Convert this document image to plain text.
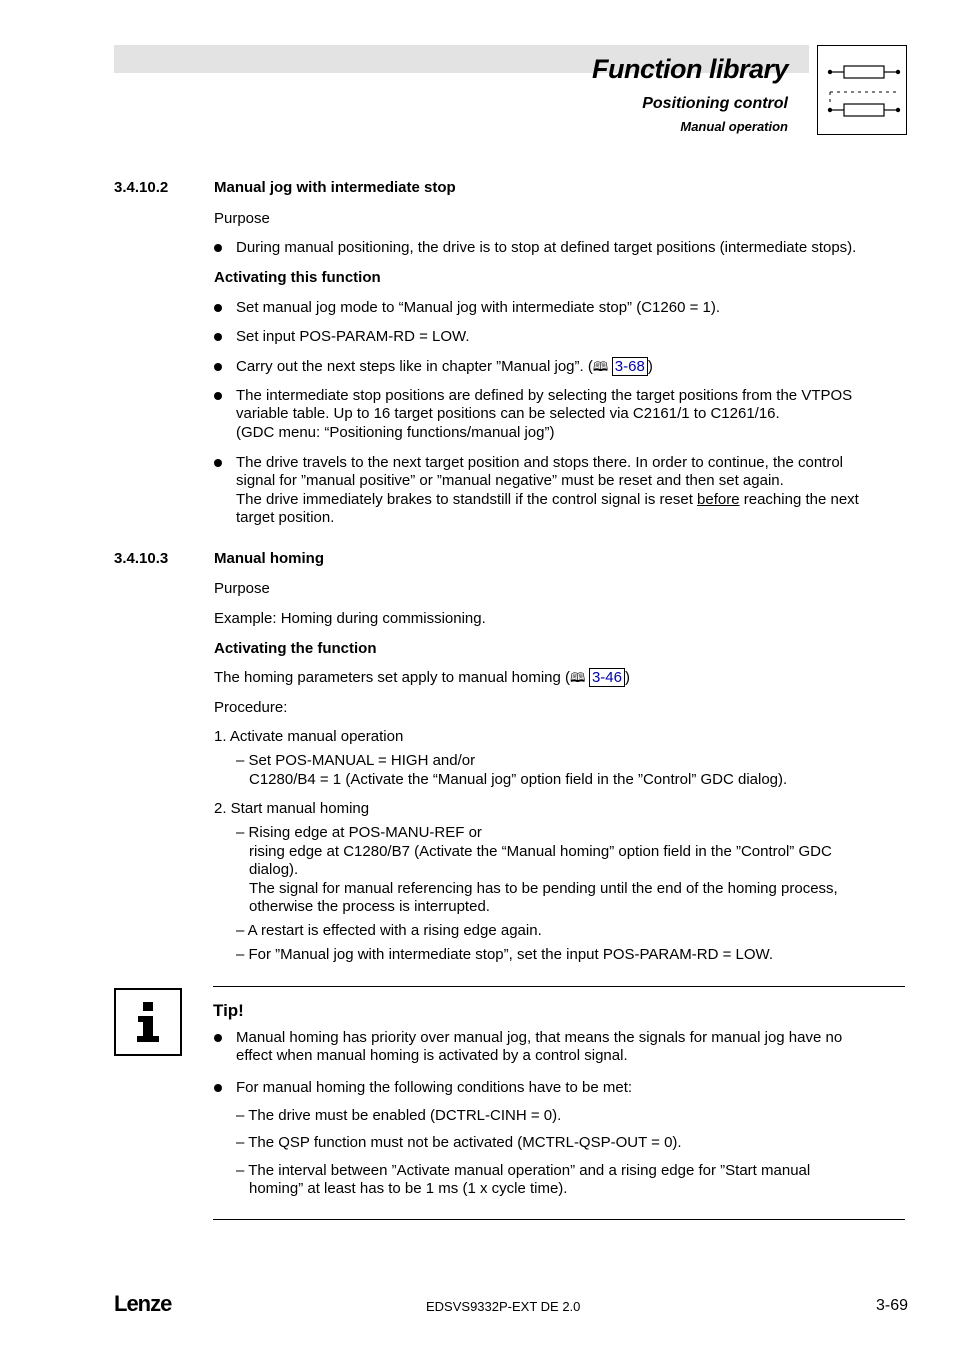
Function library
Positioning control
Manual operation
3.4.10.2	Manual jog with intermediate stop
Purpose
During manual positioning, the drive is to stop at defined target positions (intermediate stops).
Activating this function
Set manual jog mode to “Manual jog with intermediate stop” (C1260 = 1).
Set input POS-PARAM-RD = LOW.
Carry out the next steps like in chapter ”Manual jog”. (🕮 3-68 )
The intermediate stop positions are defined by selecting the target positions from the VTPOS
variable table. Up to 16 target positions can be selected via C2161/1 to C1261/16.
(GDC menu: “Positioning functions/manual jog”)
The drive travels to the next target position and stops there. In order to continue, the control
signal for ”manual positive” or ”manual negative” must be reset and then set again.
The drive immediately brakes to standstill if the control signal is reset before reaching the next
target position.
3.4.10.3	Manual homing
Purpose
Example: Homing during commissioning.
Activating the function
The homing parameters set apply to manual homing (🕮 3-46 )
Procedure:
1. Activate manual operation
– Set POS-MANUAL = HIGH and/or
C1280/B4 = 1 (Activate the “Manual jog” option field in the ”Control” GDC dialog).
2. Start manual homing
– Rising edge at POS-MANU-REF or
rising edge at C1280/B7 (Activate the “Manual homing” option field in the ”Control” GDC
dialog).
The signal for manual referencing has to be pending until the end of the homing process,
otherwise the process is interrupted.
– A restart is effected with a rising edge again.
– For ”Manual jog with intermediate stop”, set the input POS-PARAM-RD = LOW.
Tip!
Manual homing has priority over manual jog, that means the signals for manual jog have no
effect when manual homing is activated by a control signal.
For manual homing the following conditions have to be met:
– The drive must be enabled (DCTRL-CINH = 0).
– The QSP function must not be activated (MCTRL-QSP-OUT = 0).
– The interval between ”Activate manual operation” and a rising edge for ”Start manual
homing” at least has to be 1 ms (1 x cycle time).
Lenze	EDSVS9332P-EXT DE 2.0	3-69
